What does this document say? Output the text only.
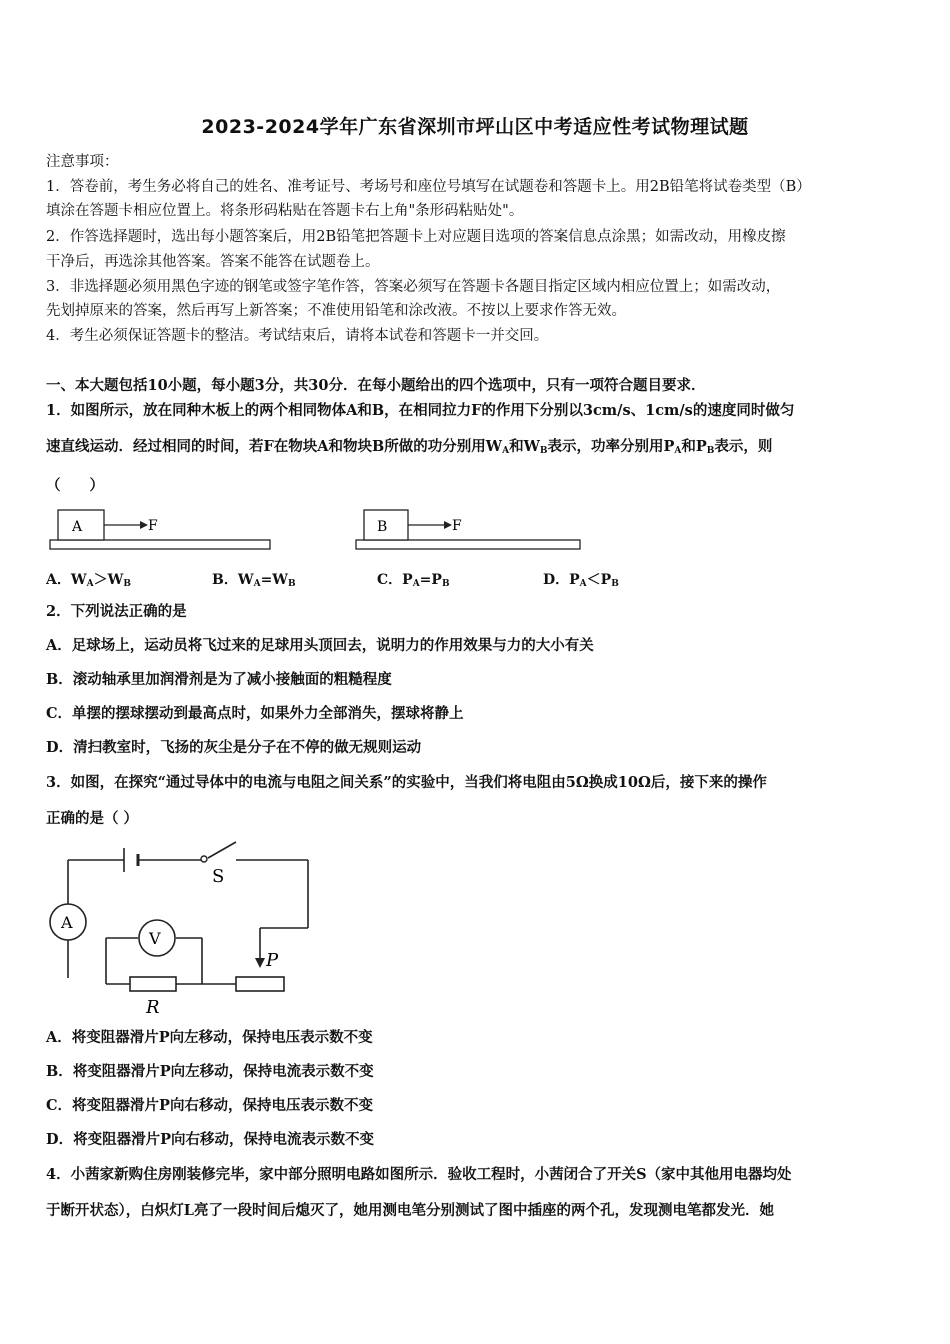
2023-2024学年广东省深圳市坪山区中考适应性考试物理试题
注意事项：
1．答卷前，考生务必将自己的姓名、准考证号、考场号和座位号填写在试题卷和答题卡上。用2B铅笔将试卷类型（B）
填涂在答题卡相应位置上。将条形码粘贴在答题卡右上角"条形码粘贴处"。
2．作答选择题时，选出每小题答案后，用2B铅笔把答题卡上对应题目选项的答案信息点涂黑；如需改动，用橡皮擦
干净后，再选涂其他答案。答案不能答在试题卷上。
3．非选择题必须用黑色字迹的钢笔或签字笔作答，答案必须写在答题卡各题目指定区域内相应位置上；如需改动，
先划掉原来的答案，然后再写上新答案；不准使用铅笔和涂改液。不按以上要求作答无效。
4．考生必须保证答题卡的整洁。考试结束后，请将本试卷和答题卡一并交回。
一、本大题包括10小题，每小题3分，共30分．在每小题给出的四个选项中，只有一项符合题目要求．
1．如图所示，放在同种木板上的两个相同物体A和B，在相同拉力F的作用下分别以3cm/s、1cm/s的速度同时做匀
速直线运动．经过相同的时间，若F在物块A和物块B所做的功分别用$W_A$和$W_B$表示，功率分别用$P_A$和$P_B$表示，则
（　　）
A	F	B	F
A．$W_A>W_B$	B．$W_A=W_B$	C．$P_A=P_B$	D．$P_A<P_B$
2．下列说法正确的是
A．足球场上，运动员将飞过来的足球用头顶回去，说明力的作用效果与力的大小有关
B．滚动轴承里加润滑剂是为了减小接触面的粗糙程度
C．单摆的摆球摆动到最高点时，如果外力全部消失，摆球将静上
D．清扫教室时，飞扬的灰尘是分子在不停的做无规则运动
3．如图，在探究“通过导体中的电流与电阻之间关系”的实验中，当我们将电阻由5Ω换成10Ω后，接下来的操作
正确的是（ ）
S
A
V
P
R
A．将变阻器滑片P向左移动，保持电压表示数不变
B．将变阻器滑片P向左移动，保持电流表示数不变
C．将变阻器滑片P向右移动，保持电压表示数不变
D．将变阻器滑片P向右移动，保持电流表示数不变
4．小茜家新购住房刚装修完毕，家中部分照明电路如图所示．验收工程时，小茜闭合了开关S（家中其他用电器均处
于断开状态），白炽灯L亮了一段时间后熄灭了，她用测电笔分别测试了图中插座的两个孔，发现测电笔都发光．她
